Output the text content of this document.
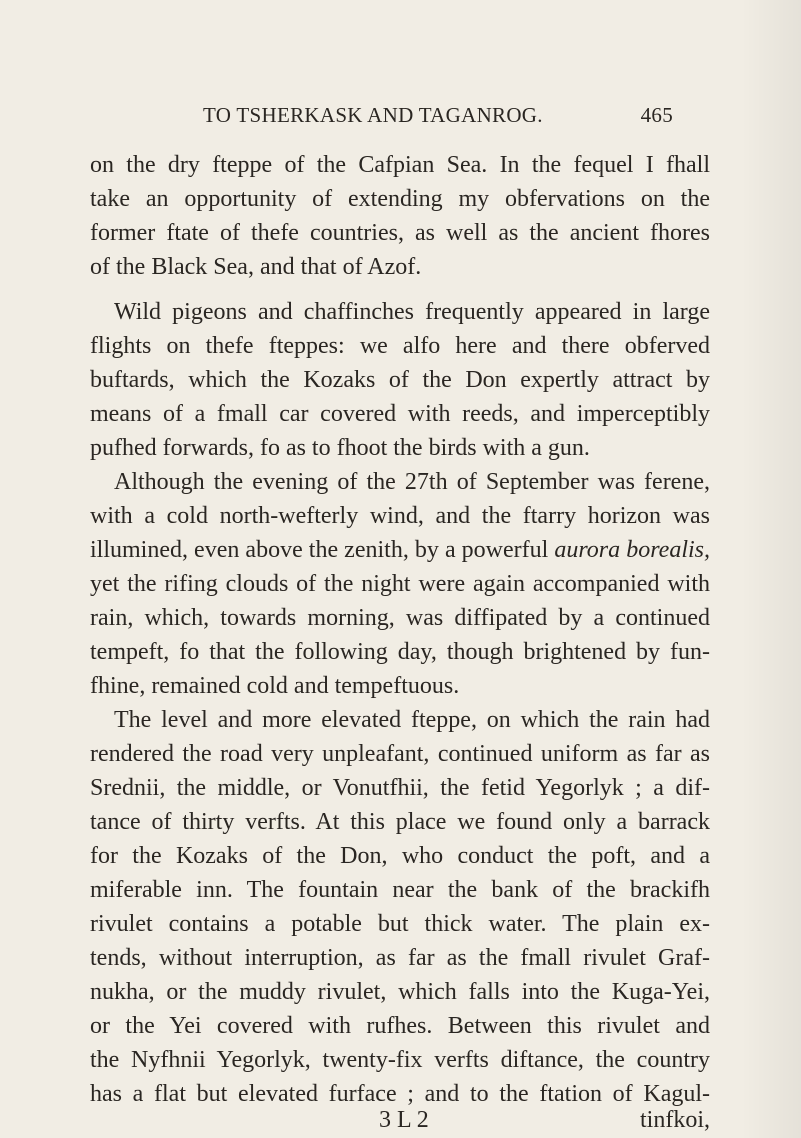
TO TSHERKASK AND TAGANROG.	465
on the dry fteppe of the Cafpian Sea. In the fequel I fhall
take an opportunity of extending my obfervations on the
former ftate of thefe countries, as well as the ancient fhores
of the Black Sea, and that of Azof.
Wild pigeons and chaffinches frequently appeared in large
flights on thefe fteppes: we alfo here and there obferved
buftards, which the Kozaks of the Don expertly attract by
means of a fmall car covered with reeds, and imperceptibly
pufhed forwards, fo as to fhoot the birds with a gun.
Although the evening of the 27th of September was ferene,
with a cold north-wefterly wind, and the ftarry horizon was
illumined, even above the zenith, by a powerful aurora borealis,
yet the rifing clouds of the night were again accompanied with
rain, which, towards morning, was diffipated by a continued
tempeft, fo that the following day, though brightened by fun-
fhine, remained cold and tempeftuous.
The level and more elevated fteppe, on which the rain had
rendered the road very unpleafant, continued uniform as far as
Srednii, the middle, or Vonutfhii, the fetid Yegorlyk ; a dif-
tance of thirty verfts. At this place we found only a barrack
for the Kozaks of the Don, who conduct the poft, and a
miferable inn. The fountain near the bank of the brackifh
rivulet contains a potable but thick water. The plain ex-
tends, without interruption, as far as the fmall rivulet Graf-
nukha, or the muddy rivulet, which falls into the Kuga-Yei,
or the Yei covered with rufhes. Between this rivulet and
the Nyfhnii Yegorlyk, twenty-fix verfts diftance, the country
has a flat but elevated furface ; and to the ftation of Kagul-
3 L 2	tinfkoi,
